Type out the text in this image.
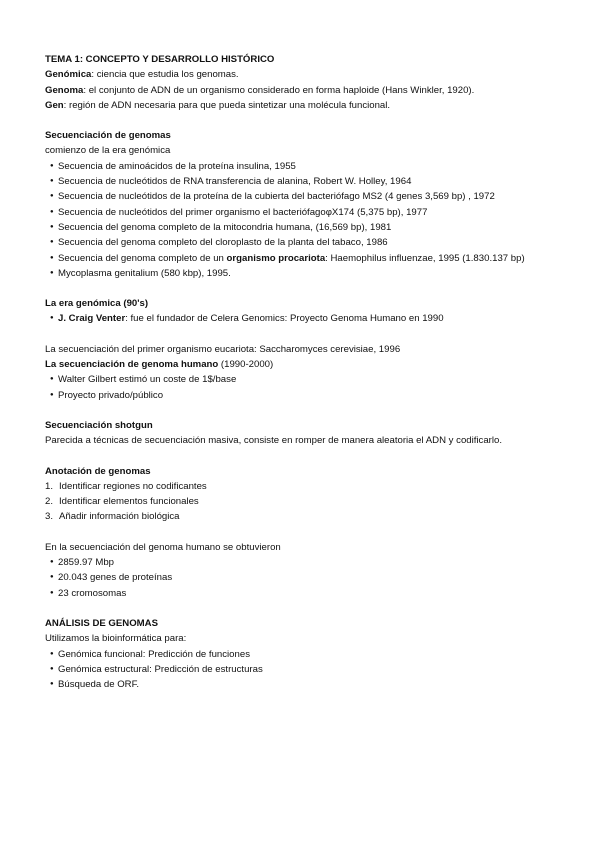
TEMA 1: CONCEPTO Y DESARROLLO HISTÓRICO
Genómica: ciencia que estudia los genomas.
Genoma: el conjunto de ADN de un organismo considerado en forma haploide (Hans Winkler, 1920).
Gen: región de ADN necesaria para que pueda sintetizar una molécula funcional.
Secuenciación de genomas
comienzo de la era genómica
● Secuencia de aminoácidos de la proteína insulina, 1955
● Secuencia de nucleótidos de RNA transferencia de alanina, Robert W. Holley, 1964
● Secuencia de nucleótidos de la proteína de la cubierta del bacteriófago MS2 (4 genes 3,569 bp) , 1972
● Secuencia de nucleótidos del primer organismo el bacteriófagoφX174 (5,375 bp), 1977
● Secuencia del genoma completo de la mitocondria humana, (16,569 bp), 1981
● Secuencia del genoma completo del cloroplasto de la planta del tabaco, 1986
● Secuencia del genoma completo de un organismo procariota: Haemophilus influenzae, 1995 (1.830.137 bp)
● Mycoplasma genitalium (580 kbp), 1995.
La era genómica (90's)
● J. Craig Venter: fue el fundador de Celera Genomics: Proyecto Genoma Humano en 1990
La secuenciación del primer organismo eucariota: Saccharomyces cerevisiae, 1996
La secuenciación de genoma humano (1990-2000)
● Walter Gilbert estimó un coste de 1$/base
● Proyecto privado/público
Secuenciación shotgun
Parecida a técnicas de secuenciación masiva, consiste en romper de manera aleatoria el ADN y codificarlo.
Anotación de genomas
1. Identificar regiones no codificantes
2. Identificar elementos funcionales
3. Añadir información biológica
En la secuenciación del genoma humano se obtuvieron
● 2859.97 Mbp
● 20.043 genes de proteínas
● 23 cromosomas
ANÁLISIS DE GENOMAS
Utilizamos la bioinformática para:
● Genómica funcional: Predicción de funciones
● Genómica estructural: Predicción de estructuras
● Búsqueda de ORF.
